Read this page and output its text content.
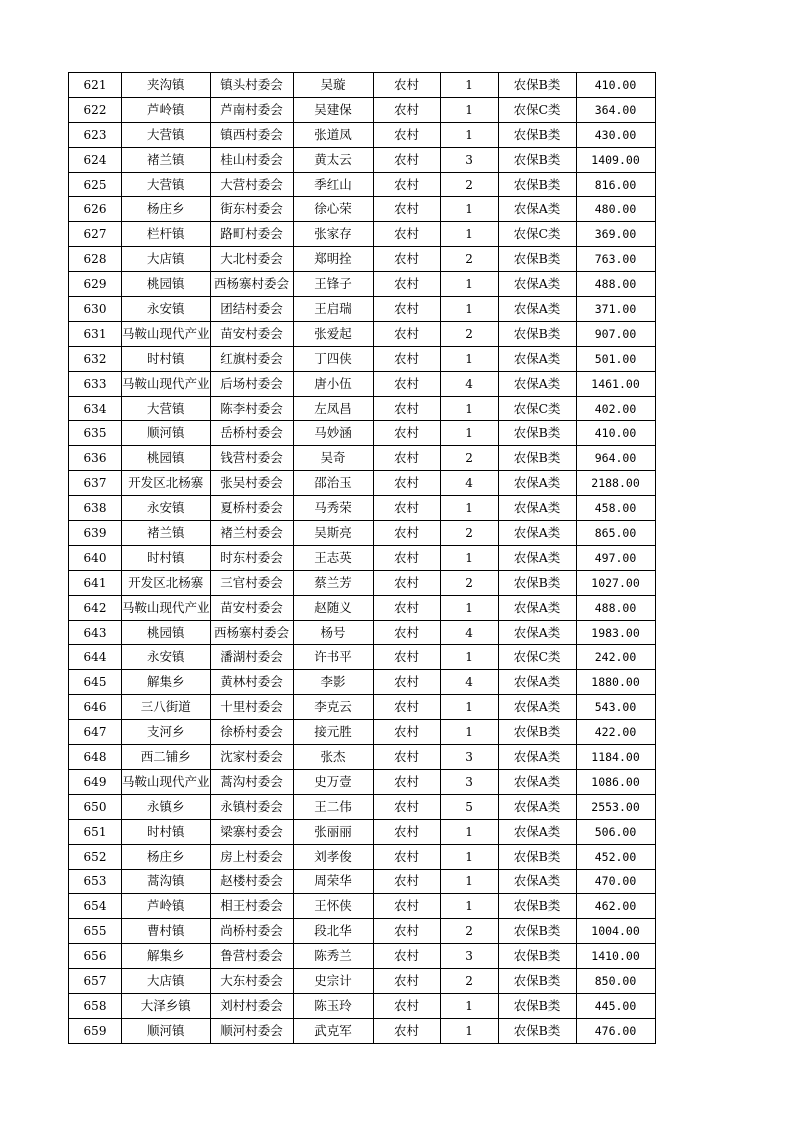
621	夹沟镇	镇头村委会	吴璇	农村	1	农保B类	410.00
622	芦岭镇	芦南村委会	吴建保	农村	1	农保C类	364.00
623	大营镇	镇西村委会	张道凤	农村	1	农保B类	430.00
624	褚兰镇	桂山村委会	黄太云	农村	3	农保B类	1409.00
625	大营镇	大营村委会	季红山	农村	2	农保B类	816.00
626	杨庄乡	街东村委会	徐心荣	农村	1	农保A类	480.00
627	栏杆镇	路町村委会	张家存	农村	1	农保C类	369.00
628	大店镇	大北村委会	郑明拴	农村	2	农保B类	763.00
629	桃园镇	西杨寨村委会	王锋子	农村	1	农保A类	488.00
630	永安镇	团结村委会	王启瑞	农村	1	农保A类	371.00
631	马鞍山现代产业	苗安村委会	张爱起	农村	2	农保B类	907.00
632	时村镇	红旗村委会	丁四侠	农村	1	农保A类	501.00
633	马鞍山现代产业	后场村委会	唐小伍	农村	4	农保A类	1461.00
634	大营镇	陈李村委会	左凤昌	农村	1	农保C类	402.00
635	顺河镇	岳桥村委会	马妙涵	农村	1	农保B类	410.00
636	桃园镇	钱营村委会	吴奇	农村	2	农保B类	964.00
637	开发区北杨寨	张吴村委会	邵治玉	农村	4	农保A类	2188.00
638	永安镇	夏桥村委会	马秀荣	农村	1	农保A类	458.00
639	褚兰镇	褚兰村委会	吴斯亮	农村	2	农保A类	865.00
640	时村镇	时东村委会	王志英	农村	1	农保A类	497.00
641	开发区北杨寨	三官村委会	蔡兰芳	农村	2	农保B类	1027.00
642	马鞍山现代产业	苗安村委会	赵随义	农村	1	农保A类	488.00
643	桃园镇	西杨寨村委会	杨号	农村	4	农保A类	1983.00
644	永安镇	潘湖村委会	许书平	农村	1	农保C类	242.00
645	解集乡	黄林村委会	李影	农村	4	农保A类	1880.00
646	三八街道	十里村委会	李克云	农村	1	农保A类	543.00
647	支河乡	徐桥村委会	接元胜	农村	1	农保B类	422.00
648	西二铺乡	沈家村委会	张杰	农村	3	农保A类	1184.00
649	马鞍山现代产业	蒿沟村委会	史万壹	农村	3	农保A类	1086.00
650	永镇乡	永镇村委会	王二伟	农村	5	农保A类	2553.00
651	时村镇	梁寨村委会	张丽丽	农村	1	农保A类	506.00
652	杨庄乡	房上村委会	刘孝俊	农村	1	农保B类	452.00
653	蒿沟镇	赵楼村委会	周荣华	农村	1	农保A类	470.00
654	芦岭镇	相王村委会	王怀侠	农村	1	农保B类	462.00
655	曹村镇	尚桥村委会	段北华	农村	2	农保B类	1004.00
656	解集乡	鲁营村委会	陈秀兰	农村	3	农保B类	1410.00
657	大店镇	大东村委会	史宗计	农村	2	农保B类	850.00
658	大泽乡镇	刘村村委会	陈玉玲	农村	1	农保B类	445.00
659	顺河镇	顺河村委会	武克军	农村	1	农保B类	476.00
